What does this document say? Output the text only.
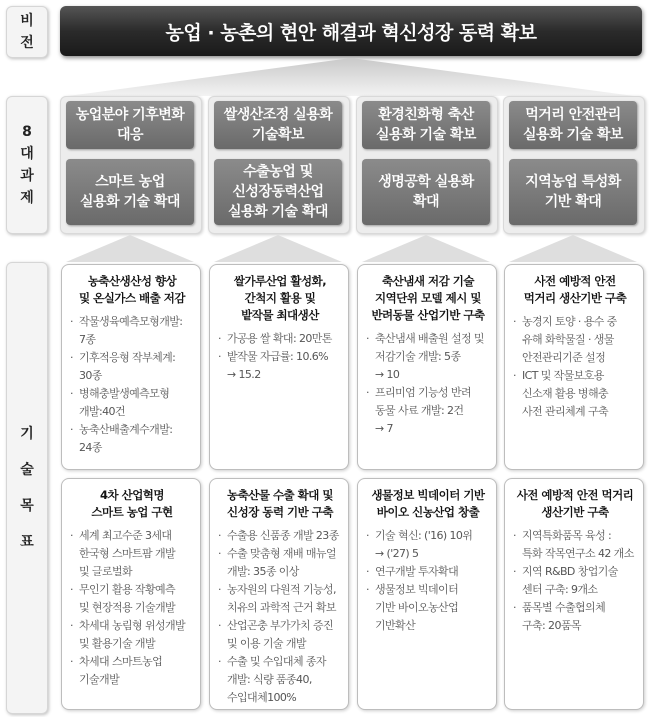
비
전
8
대
과
제
기
술
목
표
농업 · 농촌의 현안 해결과 혁신성장 동력 확보
농업분야 기후변화
대응
쌀생산조정 실용화
기술확보
환경친화형 축산
실용화 기술 확보
먹거리 안전관리
실용화 기술 확보
스마트 농업
실용화 기술 확대
수출농업 및
신성장동력산업
실용화 기술 확대
생명공학 실용화
확대
지역농업 특성화
기반 확대
농축산생산성 향상
및 온실가스 배출 저감
· 작물생육예측모형개발:
7종
· 기후적응형 작부체계:
30종
· 병해충발생예측모형
개발:40건
· 농축산배출계수개발:
24종
쌀가루산업 활성화,
간척지 활용 및
밭작물 최대생산
· 가공용 쌀 확대: 20만톤
· 밭작물 자급률: 10.6%
→ 15.2
축산냄새 저감 기술
지역단위 모델 제시 및
반려동물 산업기반 구축
· 축산냄새 배출원 설정 및
저감기술 개발: 5종
→ 10
· 프리미엄 기능성 반려
동물 사료 개발: 2건
→ 7
사전 예방적 안전
먹거리 생산기반 구축
· 농경지 토양 · 용수 중
유해 화학물질 · 생물
안전관리기준 설정
· ICT 및 작물보호용
신소재 활용 병해충
사전 관리체계 구축
4차 산업혁명
스마트 농업 구현
· 세계 최고수준 3세대
한국형 스마트팜 개발
및 글로벌화
· 무인기 활용 작황예측
및 현장적용 기술개발
· 차세대 농림형 위성개발
및 활용기술 개발
· 차세대 스마트농업
기술개발
농축산물 수출 확대 및
신성장 동력 기반 구축
· 수출용 신품종 개발 23종
· 수출 맞춤형 재배 매뉴얼
개발: 35종 이상
· 농자원의 다원적 기능성,
치유의 과학적 근거 확보
· 산업곤충 부가가치 증진
및 이용 기술 개발
· 수출 및 수입대체 종자
개발: 식량 품종40,
수입대체100%
생물정보 빅데이터 기반
바이오 신농산업 창출
· 기술 혁신: ('16) 10위
→ ('27) 5
· 연구개발 투자확대
· 생물정보 빅데이터
기반 바이오농산업
기반확산
사전 예방적 안전 먹거리
생산기반 구축
· 지역특화품목 육성 :
특화 작목연구소 42 개소
· 지역 R&BD 창업기술
센터 구축: 9개소
· 품목별 수출협의체
구축: 20품목
